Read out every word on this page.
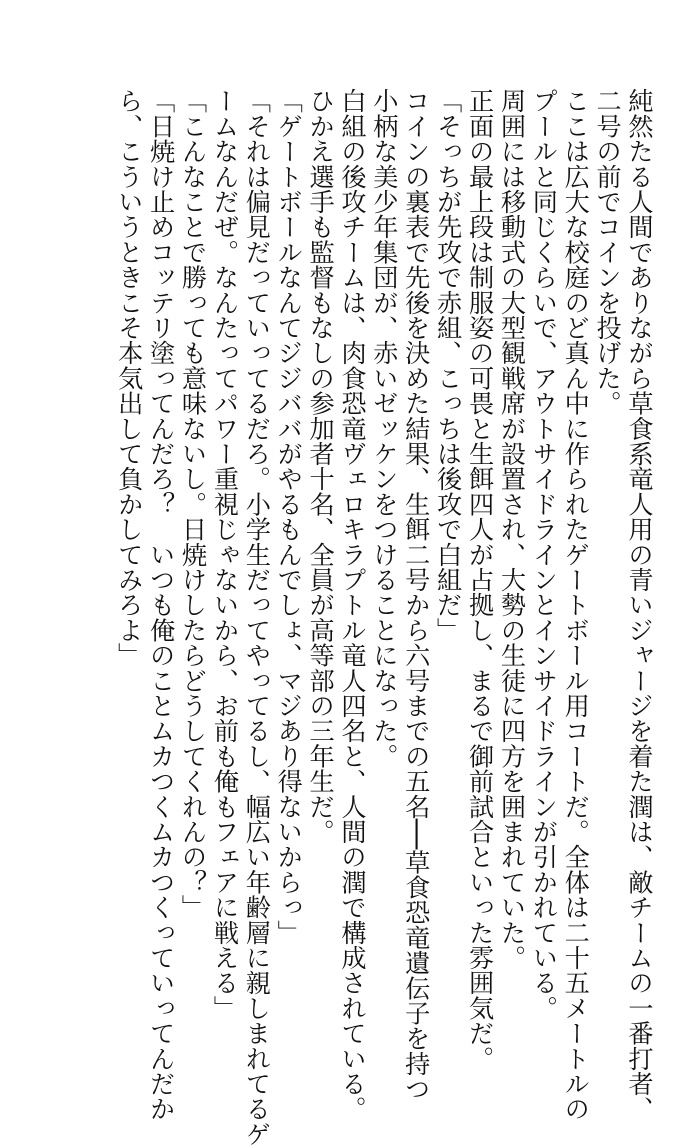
純然たる人間でありながら草食系竜人用の青いジャージを着た潤は、敵チームの一番打者、
二号の前でコインを投げた。
ここは広大な校庭のど真ん中に作られたゲートボール用コートだ。全体は二十五メートルの
プールと同じくらいで、アウトサイドラインとインサイドラインが引かれている。
周囲には移動式の大型観戦席が設置され、大勢の生徒に四方を囲まれていた。
正面の最上段は制服姿の可畏と生餌四人が占拠し、まるで御前試合といった雰囲気だ。
「そっちが先攻で赤組、こっちは後攻で白組だ」
コインの裏表で先後を決めた結果、生餌二号から六号までの五名──草食恐竜遺伝子を持つ
小柄な美少年集団が、赤いゼッケンをつけることになった。
白組の後攻チームは、肉食恐竜ヴェロキラプトル竜人四名と、人間の潤で構成されている。
ひかえ選手も監督もなしの参加者十名、全員が高等部の三年生だ。
「ゲートボールなんてジジババがやるもんでしょ、マジあり得ないからっ」
「それは偏見だっていってるだろ。小学生だってやってるし、幅広い年齢層に親しまれてるゲ
ームなんだぜ。なんたってパワー重視じゃないから、お前も俺もフェアに戦える」
「こんなことで勝っても意味ないし。日焼けしたらどうしてくれんの？」
「日焼け止めコッテリ塗ってんだろ？　いつも俺のことムカつくムカつくっていってんだか
ら、こういうときこそ本気出して負かしてみろよ」
